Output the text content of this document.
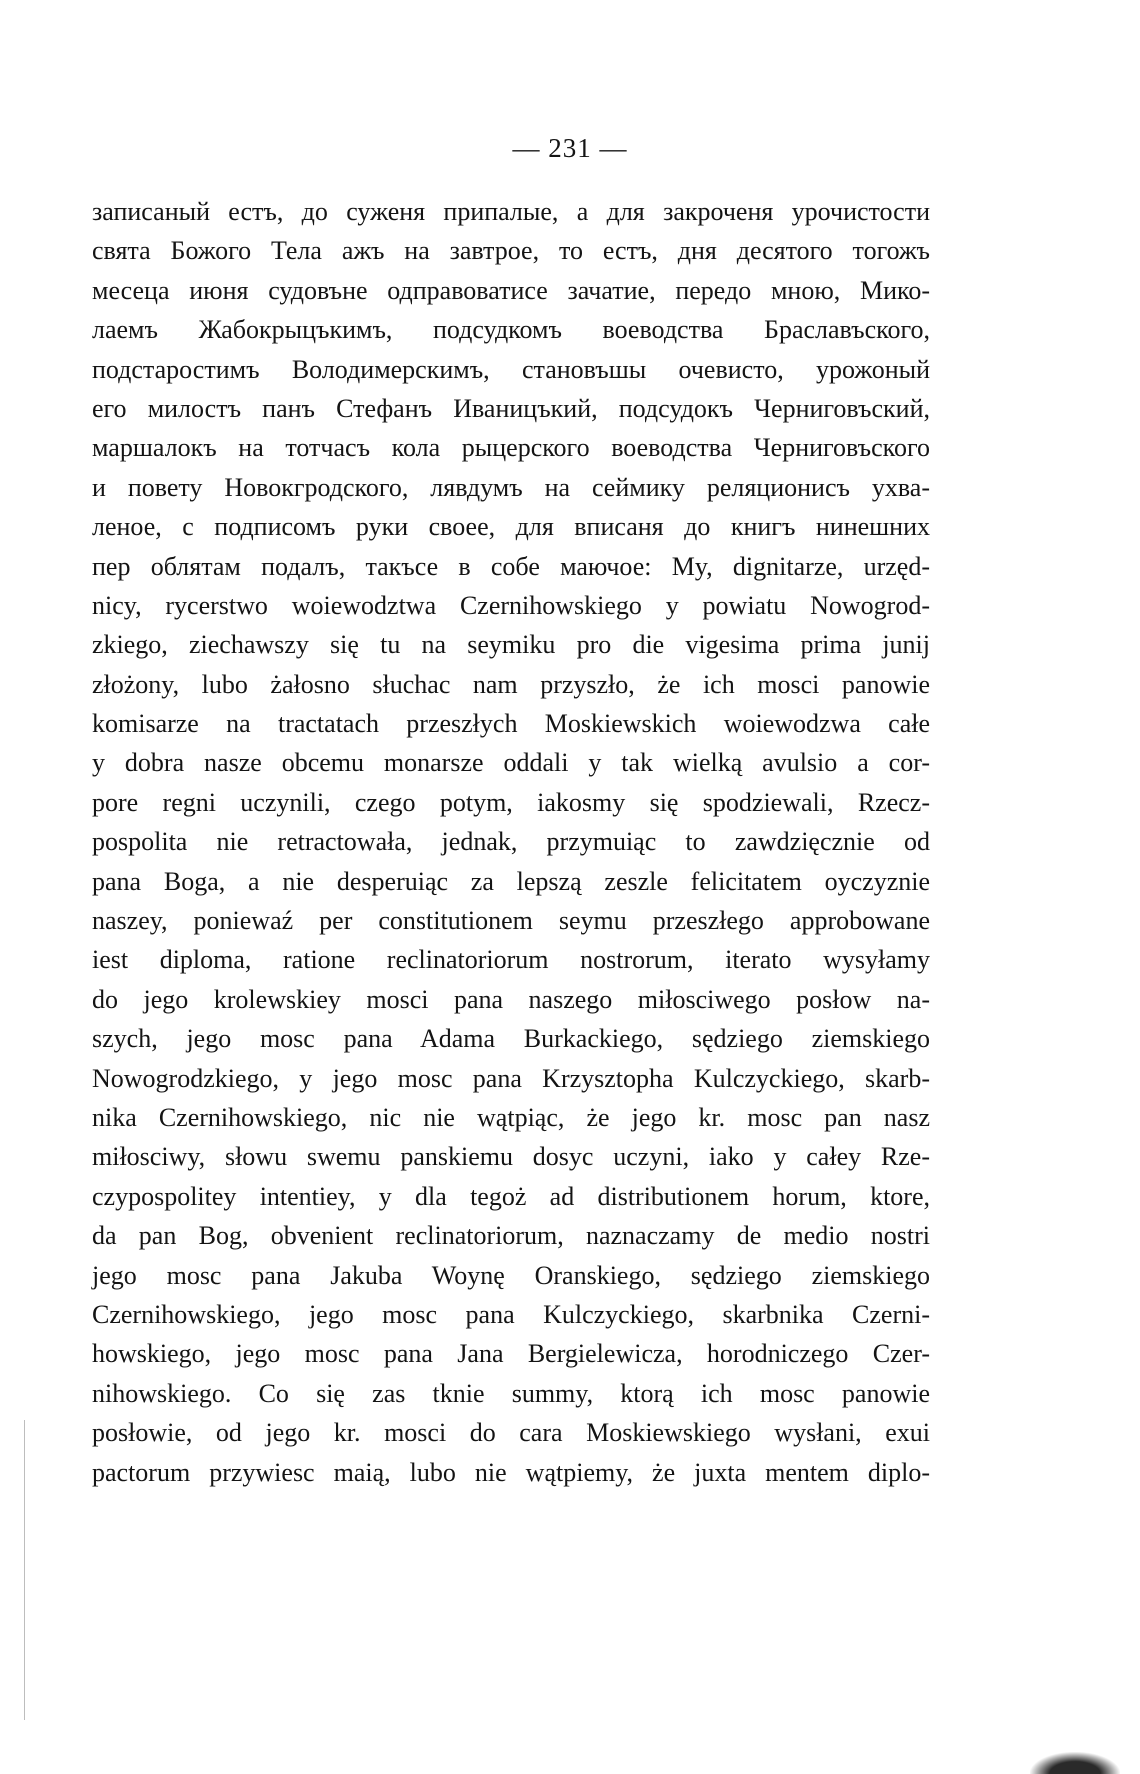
— 231 —
записаный естъ, до суженя припалые, а для закроченя урочистости
свята Божого Тела ажъ на завтрое, то естъ, дня десятого тогожъ
месеца июня судовъне одправоватисе зачатие, передо мною, Мико-
лаемъ Жабокрыцъкимъ, подсудкомъ воеводства Браславъского,
подстаростимъ Володимерскимъ, становъшы очевисто, урожоный
его милостъ панъ Стефанъ Иваницъкий, подсудокъ Черниговъский,
маршалокъ на тотчасъ кола рыцерского воеводства Черниговъского
и повету Новокгродского, лявдумъ на сеймику реляционисъ ухва-
леное, с подписомъ руки своее, для вписаня до книгъ нинешних
пер облятам подалъ, такъсе в собе маючое: My, dignitarze, urzęd-
nicy, rycerstwo woiewodztwa Czernihowskiego y powiatu Nowogrod-
zkiego, ziechawszy się tu na seymiku pro die vigesima prima junij
złożony, lubo żałosno słuchac nam przyszło, że ich mosci panowie
komisarze na tractatach przeszłych Moskiewskich woiewodzwa całe
y dobra nasze obcemu monarsze oddali y tak wielką avulsio a cor-
pore regni uczynili, czego potym, iakosmy się spodziewali, Rzecz-
pospolita nie retractowała, jednak, przymuiąc to zawdzięcznie od
pana Boga, a nie desperuiąc za lepszą zeszle felicitatem oyczyznie
naszey, poniewaź per constitutionem seymu przeszłego approbowane
iest diploma, ratione reclinatoriorum nostrorum, iterato wysyłamy
do jego krolewskiey mosci pana naszego miłosciwego posłow na-
szych, jego mosc pana Adama Burkackiego, sędziego ziemskiego
Nowogrodzkiego, y jego mosc pana Krzysztopha Kulczyckiego, skarb-
nika Czernihowskiego, nic nie wątpiąc, że jego kr. mosc pan nasz
miłosciwy, słowu swemu panskiemu dosyc uczyni, iako y całey Rze-
czypospolitey intentiey, y dla tegoż ad distributionem horum, ktore,
da pan Bog, obvenient reclinatoriorum, naznaczamy de medio nostri
jego mosc pana Jakuba Woynę Oranskiego, sędziego ziemskiego
Czernihowskiego, jego mosc pana Kulczyckiego, skarbnika Czerni-
howskiego, jego mosc pana Jana Bergielewicza, horodniczego Czer-
nihowskiego. Co się zas tknie summy, ktorą ich mosc panowie
posłowie, od jego kr. mosci do cara Moskiewskiego wysłani, exui
pactorum przywiesc maią, lubo nie wątpiemy, że juxta mentem diplo-
